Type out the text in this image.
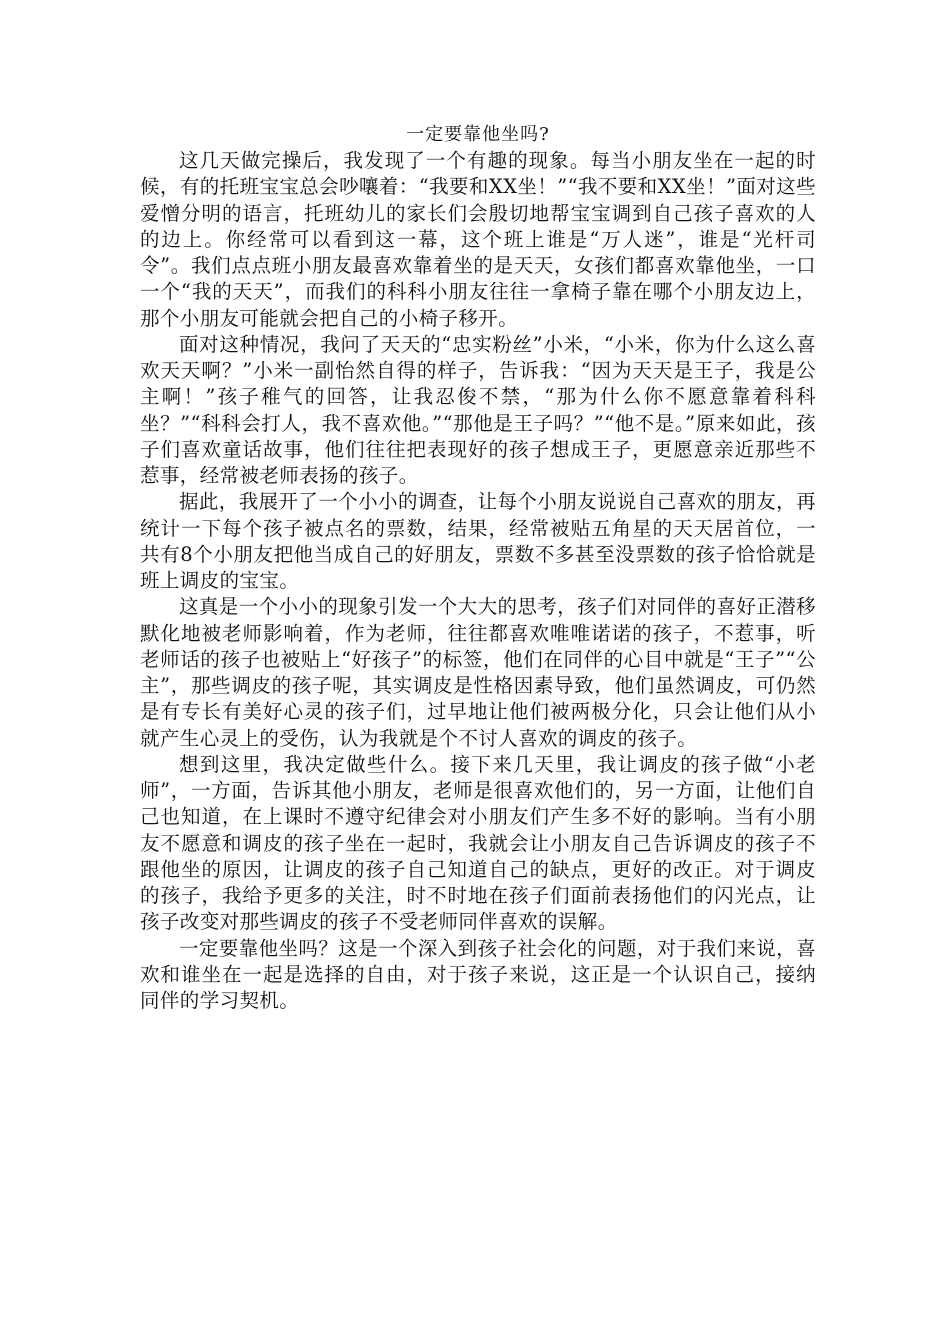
一定要靠他坐吗?

这几天做完操后，我发现了一个有趣的现象。每当小朋友坐在一起的时候，有的托班宝宝总会吵嚷着：“我要和XX坐！”“我不要和XX坐！”面对这些爱憎分明的语言，托班幼儿的家长们会殷切地帮宝宝调到自己孩子喜欢的人的边上。你经常可以看到这一幕，这个班上谁是“万人迷”，谁是“光杆司令”。我们点点班小朋友最喜欢靠着坐的是天天，女孩们都喜欢靠他坐，一口一个“我的天天”，而我们的科科小朋友往往一拿椅子靠在哪个小朋友边上，那个小朋友可能就会把自己的小椅子移开。

面对这种情况，我问了天天的“忠实粉丝”小米，“小米，你为什么这么喜欢天天啊？”小米一副怡然自得的样子，告诉我：“因为天天是王子，我是公主啊！”孩子稚气的回答，让我忍俊不禁，“那为什么你不愿意靠着科科坐？”“科科会打人，我不喜欢他。”“那他是王子吗？”“他不是。”原来如此，孩子们喜欢童话故事，他们往往把表现好的孩子想成王子，更愿意亲近那些不惹事，经常被老师表扬的孩子。

据此，我展开了一个小小的调查，让每个小朋友说说自己喜欢的朋友，再统计一下每个孩子被点名的票数，结果，经常被贴五角星的天天居首位，一共有8个小朋友把他当成自己的好朋友，票数不多甚至没票数的孩子恰恰就是班上调皮的宝宝。

这真是一个小小的现象引发一个大大的思考，孩子们对同伴的喜好正潜移默化地被老师影响着，作为老师，往往都喜欢唯唯诺诺的孩子，不惹事，听老师话的孩子也被贴上“好孩子”的标签，他们在同伴的心目中就是“王子”“公主”，那些调皮的孩子呢，其实调皮是性格因素导致，他们虽然调皮，可仍然是有专长有美好心灵的孩子们，过早地让他们被两极分化，只会让他们从小就产生心灵上的受伤，认为我就是个不讨人喜欢的调皮的孩子。

想到这里，我决定做些什么。接下来几天里，我让调皮的孩子做“小老师”，一方面，告诉其他小朋友，老师是很喜欢他们的，另一方面，让他们自己也知道，在上课时不遵守纪律会对小朋友们产生多不好的影响。当有小朋友不愿意和调皮的孩子坐在一起时，我就会让小朋友自己告诉调皮的孩子不跟他坐的原因，让调皮的孩子自己知道自己的缺点，更好的改正。对于调皮的孩子，我给予更多的关注，时不时地在孩子们面前表扬他们的闪光点，让孩子改变对那些调皮的孩子不受老师同伴喜欢的误解。

一定要靠他坐吗？这是一个深入到孩子社会化的问题，对于我们来说，喜欢和谁坐在一起是选择的自由，对于孩子来说，这正是一个认识自己，接纳同伴的学习契机。
